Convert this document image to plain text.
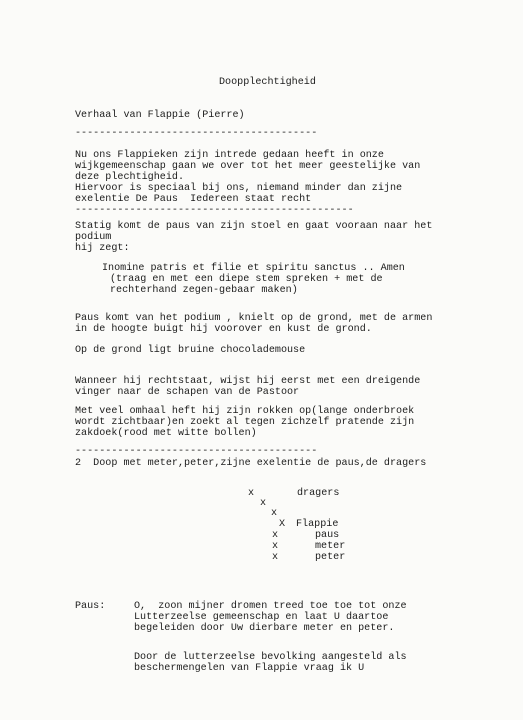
Doopplechtigheid
Verhaal van Flappie (Pierre)
----------------------------------------
Nu ons Flappieken zijn intrede gedaan heeft in onze
wijkgemeenschap gaan we over tot het meer geestelijke van
deze plechtigheid.
Hiervoor is speciaal bij ons, niemand minder dan zijne
exelentie De Paus  Iedereen staat recht
----------------------------------------------
Statig komt de paus van zijn stoel en gaat vooraan naar het
podium
hij zegt:
Inomine patris et filie et spiritu sanctus .. Amen
(traag en met een diepe stem spreken + met de
rechterhand zegen-gebaar maken)
Paus komt van het podium , knielt op de grond, met de armen
in de hoogte buigt hij voorover en kust de grond.
Op de grond ligt bruine chocolademouse
Wanneer hij rechtstaat, wijst hij eerst met een dreigende
vinger naar de schapen van de Pastoor
Met veel omhaal heft hij zijn rokken op(lange onderbroek
wordt zichtbaar)en zoekt al tegen zichzelf pratende zijn
zakdoek(rood met witte bollen)
----------------------------------------
2  Doop met meter,peter,zijne exelentie de paus,de dragers
x	dragers
x
x
X Flappie
x	paus
x	meter
x	peter
Paus:	O,  zoon mijner dromen treed toe toe tot onze
Lutterzeelse gemeenschap en laat U daartoe
begeleiden door Uw dierbare meter en peter.
Door de lutterzeelse bevolking aangesteld als
beschermengelen van Flappie vraag ik U
